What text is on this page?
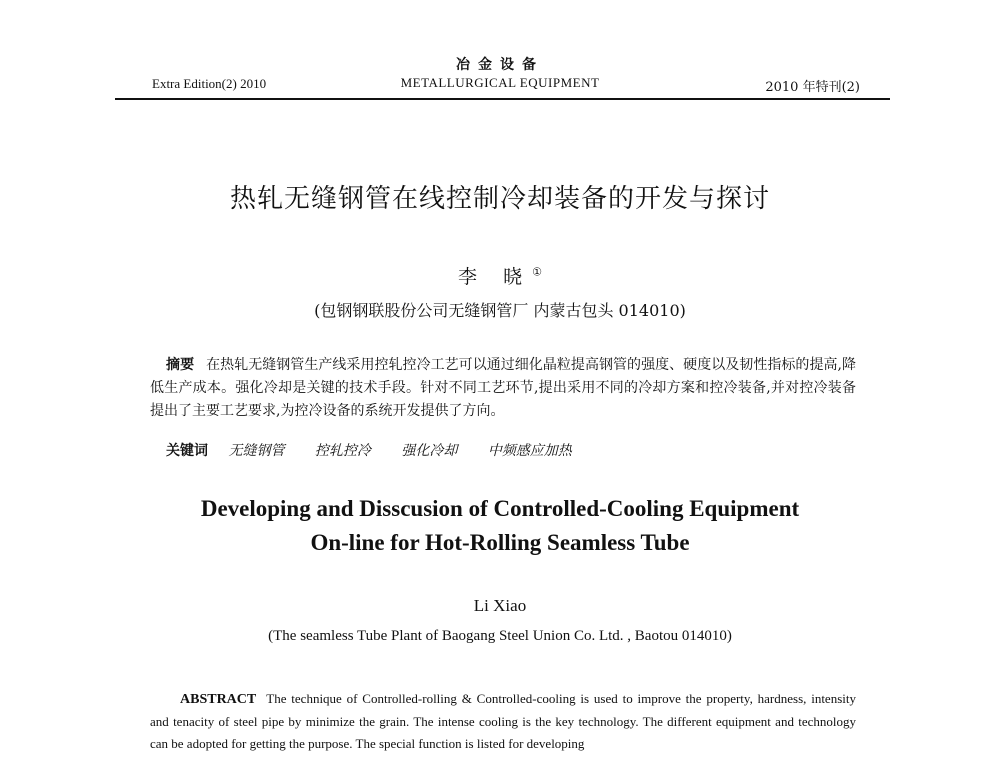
Extra Edition(2) 2010
冶金设备
METALLURGICAL EQUIPMENT	2010 年特刊(2)
热轧无缝钢管在线控制冷却装备的开发与探讨
李 晓①
(包钢钢联股份公司无缝钢管厂 内蒙古包头 014010)
摘要 在热轧无缝钢管生产线采用控轧控冷工艺可以通过细化晶粒提高钢管的强度、硬度以及韧性指标的提高,降低生产成本。强化冷却是关键的技术手段。针对不同工艺环节,提出采用不同的冷却方案和控冷装备,并对控冷装备提出了主要工艺要求,为控冷设备的系统开发提供了方向。
关键词 无缝钢管 控轧控冷 强化冷却 中频感应加热
Developing and Disscusion of Controlled-Cooling Equipment
On-line for Hot-Rolling Seamless Tube
Li Xiao
(The seamless Tube Plant of Baogang Steel Union Co. Ltd. , Baotou 014010)
ABSTRACT The technique of Controlled-rolling & Controlled-cooling is used to improve the property, hardness, intensity and tenacity of steel pipe by minimize the grain. The intense cooling is the key technology. The different equipment and technology can be adopted for getting the purpose. The special function is listed for developing
